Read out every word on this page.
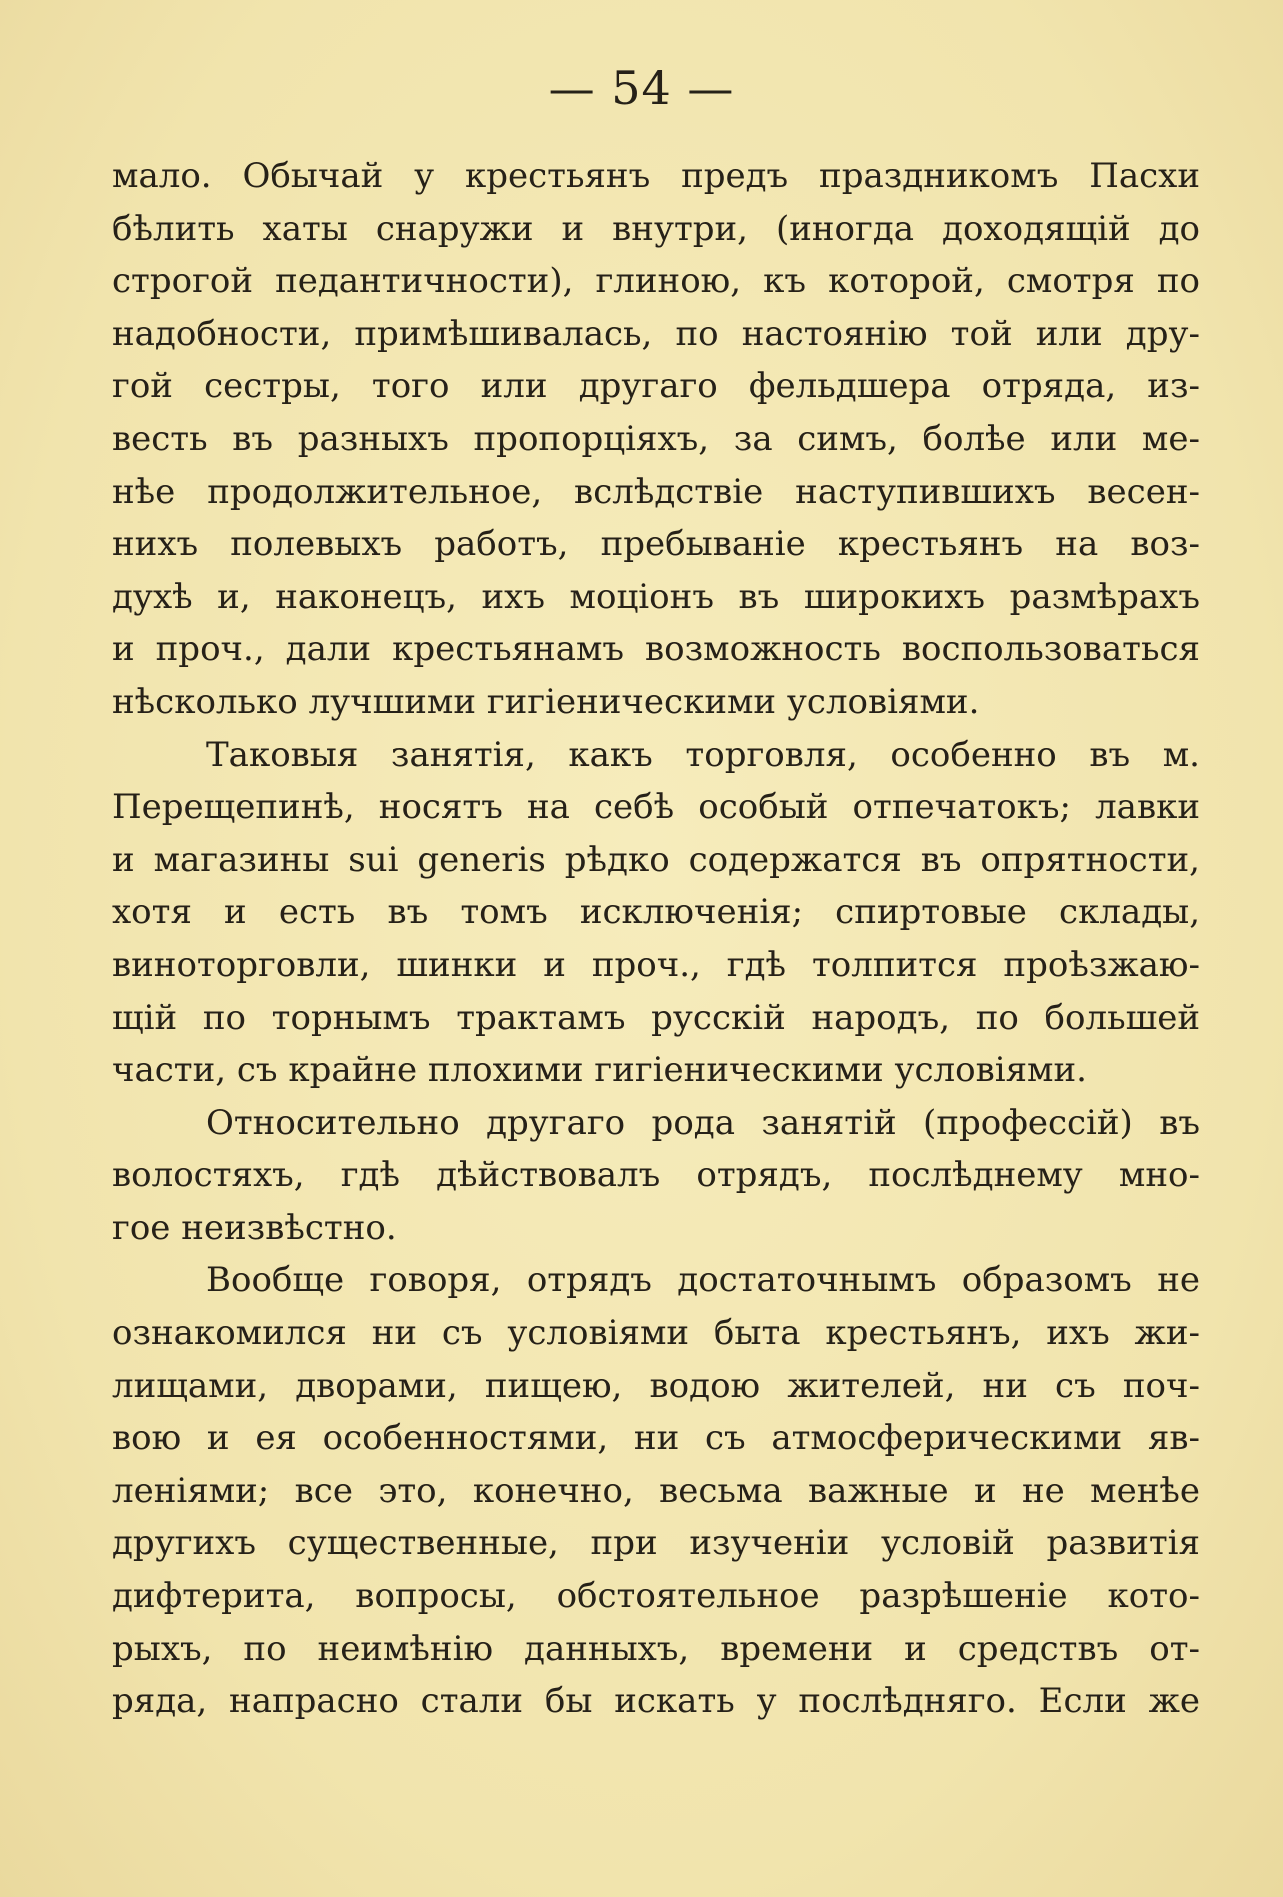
— 54 —
мало. Обычай у крестьянъ предъ праздникомъ Пасхи
бѣлить хаты снаружи и внутри, (иногда доходящій до
строгой педантичности), глиною, къ которой, смотря по
надобности, примѣшивалась, по настоянію той или дру-
гой сестры, того или другаго фельдшера отряда, из-
весть въ разныхъ пропорціяхъ, за симъ, болѣе или ме-
нѣе продолжительное, вслѣдствіе наступившихъ весен-
нихъ полевыхъ работъ, пребываніе крестьянъ на воз-
духѣ и, наконецъ, ихъ моціонъ въ широкихъ размѣрахъ
и проч., дали крестьянамъ возможность воспользоваться
нѣсколько лучшими гигіеническими условіями.
Таковыя занятія, какъ торговля, особенно въ м.
Перещепинѣ, носятъ на себѣ особый отпечатокъ; лавки
и магазины sui generis рѣдко содержатся въ опрятности,
хотя и есть въ томъ исключенія; спиртовые склады,
виноторговли, шинки и проч., гдѣ толпится проѣзжаю-
щій по торнымъ трактамъ русскій народъ, по большей
части, съ крайне плохими гигіеническими условіями.
Относительно другаго рода занятій (профессій) въ
волостяхъ, гдѣ дѣйствовалъ отрядъ, послѣднему мно-
гое неизвѣстно.
Вообще говоря, отрядъ достаточнымъ образомъ не
ознакомился ни съ условіями быта крестьянъ, ихъ жи-
лищами, дворами, пищею, водою жителей, ни съ поч-
вою и ея особенностями, ни съ атмосферическими яв-
леніями; все это, конечно, весьма важные и не менѣе
другихъ существенные, при изученіи условій развитія
дифтерита, вопросы, обстоятельное разрѣшеніе кото-
рыхъ, по неимѣнію данныхъ, времени и средствъ от-
ряда, напрасно стали бы искать у послѣдняго. Если же
